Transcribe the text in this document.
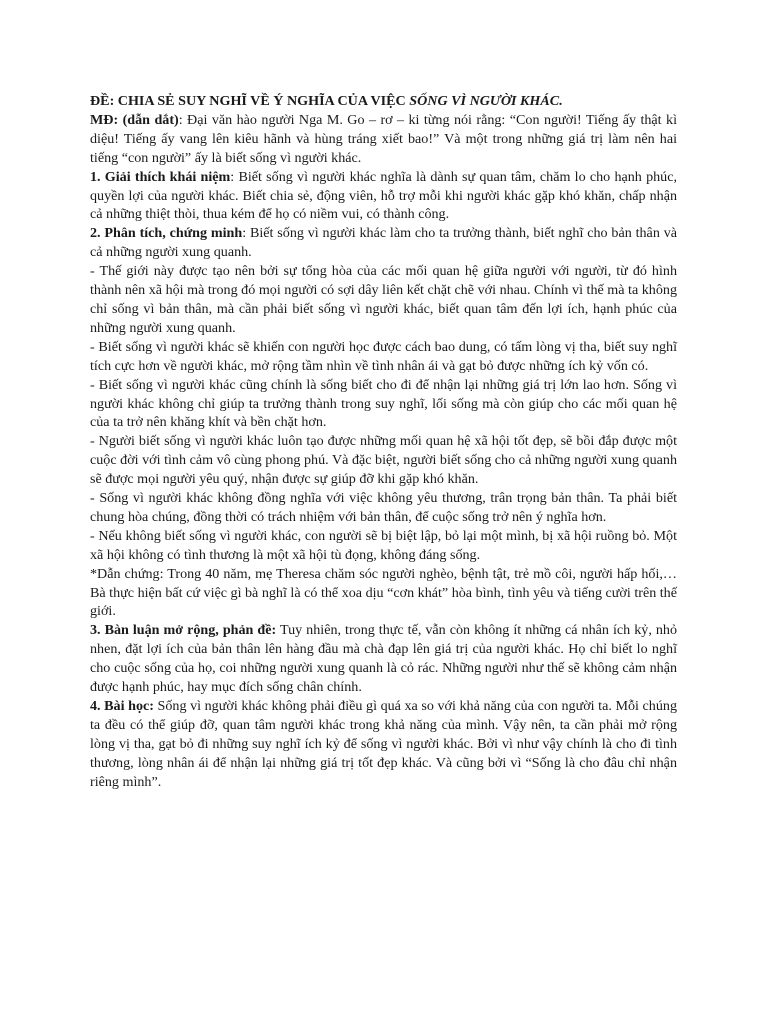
ĐỀ: CHIA SẺ SUY NGHĨ VỀ Ý NGHĨA CỦA VIỆC SỐNG VÌ NGƯỜI KHÁC.

MĐ: (dẫn dắt): Đại văn hào người Nga M. Go – rơ – ki từng nói rằng: “Con người! Tiếng ấy thật kì diệu! Tiếng ấy vang lên kiêu hãnh và hùng tráng xiết bao!” Và một trong những giá trị làm nên hai tiếng “con người” ấy là biết sống vì người khác.

1. Giải thích khái niệm: Biết sống vì người khác nghĩa là dành sự quan tâm, chăm lo cho hạnh phúc, quyền lợi của người khác. Biết chia sẻ, động viên, hỗ trợ mỗi khi người khác gặp khó khăn, chấp nhận cả những thiệt thòi, thua kém để họ có niềm vui, có thành công.

2. Phân tích, chứng minh: Biết sống vì người khác làm cho ta trưởng thành, biết nghĩ cho bản thân và cả những người xung quanh.

- Thế giới này được tạo nên bởi sự tổng hòa của các mối quan hệ giữa người với người, từ đó hình thành nên xã hội mà trong đó mọi người có sợi dây liên kết chặt chẽ với nhau. Chính vì thế mà ta không chỉ sống vì bản thân, mà cần phải biết sống vì người khác, biết quan tâm đến lợi ích, hạnh phúc của những người xung quanh.

- Biết sống vì người khác sẽ khiến con người học được cách bao dung, có tấm lòng vị tha, biết suy nghĩ tích cực hơn về người khác, mở rộng tầm nhìn về tình nhân ái và gạt bỏ được những ích kỷ vốn có.

- Biết sống vì người khác cũng chính là sống biết cho đi để nhận lại những giá trị lớn lao hơn. Sống vì người khác không chỉ giúp ta trưởng thành trong suy nghĩ, lối sống mà còn giúp cho các mối quan hệ của ta trở nên khăng khít và bền chặt hơn.

- Người biết sống vì người khác luôn tạo được những mối quan hệ xã hội tốt đẹp, sẽ bồi đắp được một cuộc đời với tình cảm vô cùng phong phú. Và đặc biệt, người biết sống cho cả những người xung quanh sẽ được mọi người yêu quý, nhận được sự giúp đỡ khi gặp khó khăn.

- Sống vì người khác không đồng nghĩa với việc không yêu thương, trân trọng bản thân. Ta phải biết chung hòa chúng, đồng thời có trách nhiệm với bản thân, để cuộc sống trở nên ý nghĩa hơn.

- Nếu không biết sống vì người khác, con người sẽ bị biệt lập, bỏ lại một mình, bị xã hội ruồng bỏ. Một xã hội không có tình thương là một xã hội tù đọng, không đáng sống.

*Dẫn chứng: Trong 40 năm, mẹ Theresa chăm sóc người nghèo, bệnh tật, trẻ mồ côi, người hấp hối,… Bà thực hiện bất cứ việc gì bà nghĩ là có thể xoa dịu “cơn khát” hòa bình, tình yêu và tiếng cười trên thế giới.

3. Bàn luận mở rộng, phản đề: Tuy nhiên, trong thực tế, vẫn còn không ít những cá nhân ích kỷ, nhỏ nhen, đặt lợi ích của bản thân lên hàng đầu mà chà đạp lên giá trị của người khác. Họ chỉ biết lo nghĩ cho cuộc sống của họ, coi những người xung quanh là cỏ rác. Những người như thế sẽ không cảm nhận được hạnh phúc, hay mục đích sống chân chính.

4. Bài học: Sống vì người khác không phải điều gì quá xa so với khả năng của con người ta. Mỗi chúng ta đều có thể giúp đỡ, quan tâm người khác trong khả năng của mình. Vậy nên, ta cần phải mở rộng lòng vị tha, gạt bỏ đi những suy nghĩ ích kỷ để sống vì người khác. Bởi vì như vậy chính là cho đi tình thương, lòng nhân ái để nhận lại những giá trị tốt đẹp khác. Và cũng bởi vì “Sống là cho đâu chỉ nhận riêng mình”.
